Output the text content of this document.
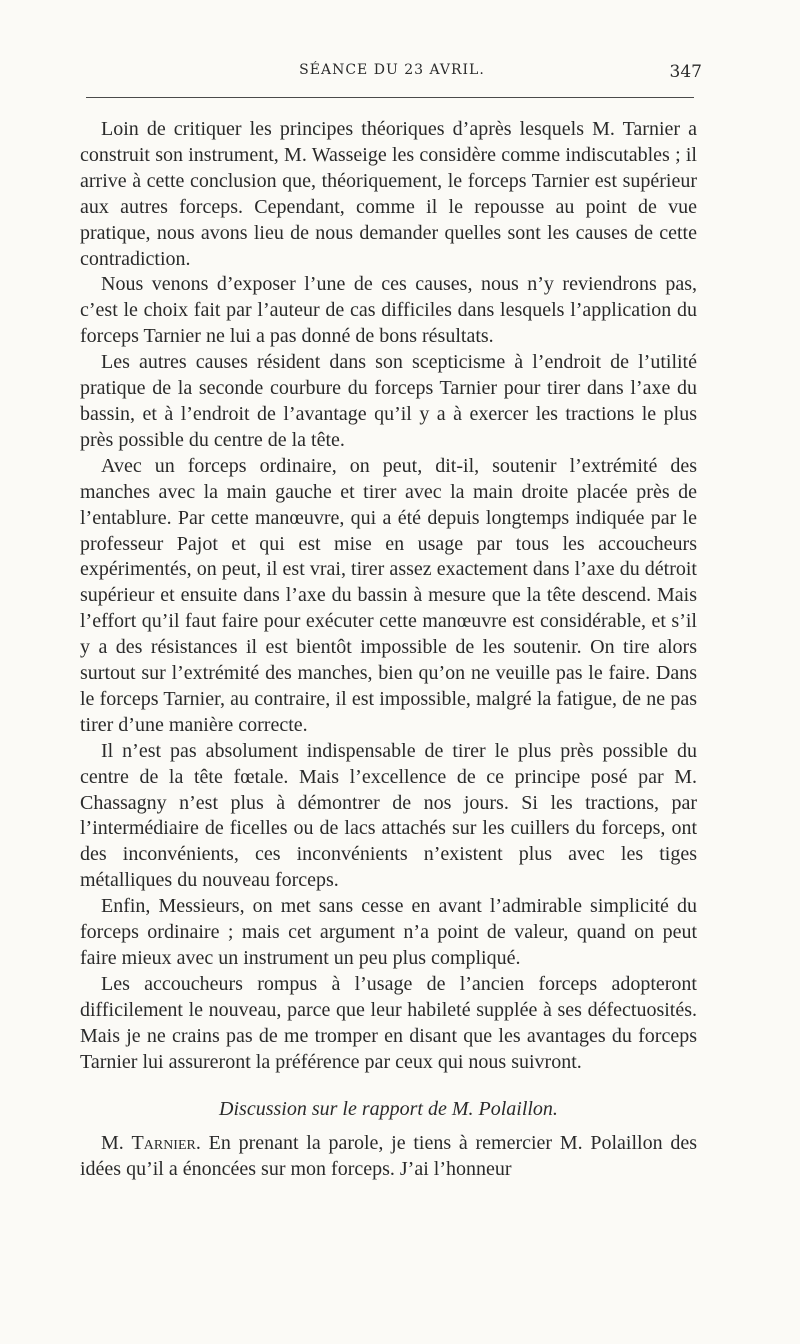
SÉANCE DU 23 AVRIL.	347

Loin de critiquer les principes théoriques d’après lesquels M. Tarnier a construit son instrument, M. Wasseige les considère comme indiscutables ; il arrive à cette conclusion que, théoriquement, le forceps Tarnier est supérieur aux autres forceps. Cependant, comme il le repousse au point de vue pratique, nous avons lieu de nous demander quelles sont les causes de cette contradiction.

Nous venons d’exposer l’une de ces causes, nous n’y reviendrons pas, c’est le choix fait par l’auteur de cas difficiles dans lesquels l’application du forceps Tarnier ne lui a pas donné de bons résultats.

Les autres causes résident dans son scepticisme à l’endroit de l’utilité pratique de la seconde courbure du forceps Tarnier pour tirer dans l’axe du bassin, et à l’endroit de l’avantage qu’il y a à exercer les tractions le plus près possible du centre de la tête.

Avec un forceps ordinaire, on peut, dit-il, soutenir l’extrémité des manches avec la main gauche et tirer avec la main droite placée près de l’entablure. Par cette manœuvre, qui a été depuis longtemps indiquée par le professeur Pajot et qui est mise en usage par tous les accoucheurs expérimentés, on peut, il est vrai, tirer assez exactement dans l’axe du détroit supérieur et ensuite dans l’axe du bassin à mesure que la tête descend. Mais l’effort qu’il faut faire pour exécuter cette manœuvre est considérable, et s’il y a des résistances il est bientôt impossible de les soutenir. On tire alors surtout sur l’extrémité des manches, bien qu’on ne veuille pas le faire. Dans le forceps Tarnier, au contraire, il est impossible, malgré la fatigue, de ne pas tirer d’une manière correcte.

Il n’est pas absolument indispensable de tirer le plus près possible du centre de la tête fœtale. Mais l’excellence de ce principe posé par M. Chassagny n’est plus à démontrer de nos jours. Si les tractions, par l’intermédiaire de ficelles ou de lacs attachés sur les cuillers du forceps, ont des inconvénients, ces inconvénients n’existent plus avec les tiges métalliques du nouveau forceps.

Enfin, Messieurs, on met sans cesse en avant l’admirable simplicité du forceps ordinaire ; mais cet argument n’a point de valeur, quand on peut faire mieux avec un instrument un peu plus compliqué.

Les accoucheurs rompus à l’usage de l’ancien forceps adopteront difficilement le nouveau, parce que leur habileté supplée à ses défectuosités. Mais je ne crains pas de me tromper en disant que les avantages du forceps Tarnier lui assureront la préférence par ceux qui nous suivront.

Discussion sur le rapport de M. Polaillon.

M. Tarnier. En prenant la parole, je tiens à remercier M. Polaillon des idées qu’il a énoncées sur mon forceps. J’ai l’honneur
